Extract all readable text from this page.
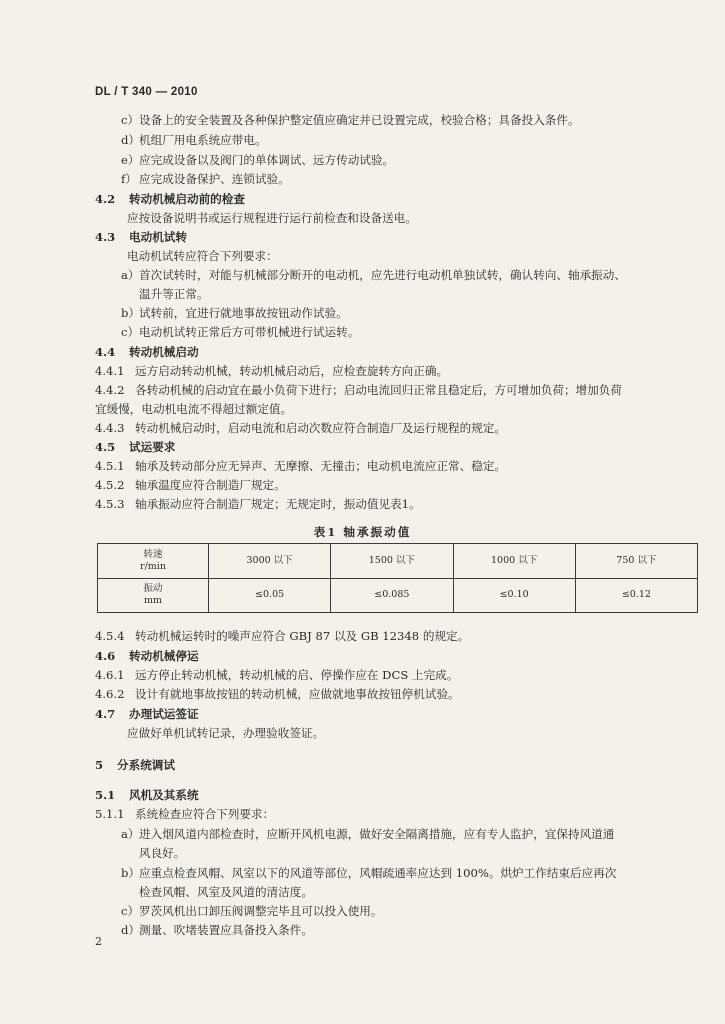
DL / T 340 — 2010
c）设备上的安全装置及各种保护整定值应确定并已设置完成，校验合格；具备投入条件。
d）机组厂用电系统应带电。
e）应完成设备以及阀门的单体调试、远方传动试验。
f） 应完成设备保护、连锁试验。
4.2 转动机械启动前的检查
应按设备说明书或运行规程进行运行前检查和设备送电。
4.3 电动机试转
电动机试转应符合下列要求：
a）首次试转时，对能与机械部分断开的电动机，应先进行电动机单独试转，确认转向、轴承振动、
温升等正常。
b）试转前，宜进行就地事故按钮动作试验。
c）电动机试转正常后方可带机械进行试运转。
4.4 转动机械启动
4.4.1 远方启动转动机械，转动机械启动后，应检查旋转方向正确。
4.4.2 各转动机械的启动宜在最小负荷下进行；启动电流回归正常且稳定后，方可增加负荷；增加负荷
宜缓慢，电动机电流不得超过额定值。
4.4.3 转动机械启动时，启动电流和启动次数应符合制造厂及运行规程的规定。
4.5 试运要求
4.5.1 轴承及转动部分应无异声、无摩擦、无撞击；电动机电流应正常、稳定。
4.5.2 轴承温度应符合制造厂规定。
4.5.3 轴承振动应符合制造厂规定；无规定时，振动值见表1。
表1 轴承振动值
转速
r/min	3000 以下	1500 以下	1000 以下	750 以下

振动
mm	≤0.05	≤0.085	≤0.10	≤0.12
4.5.4 转动机械运转时的噪声应符合 GBJ 87 以及 GB 12348 的规定。
4.6 转动机械停运
4.6.1 远方停止转动机械，转动机械的启、停操作应在 DCS 上完成。
4.6.2 设计有就地事故按钮的转动机械，应做就地事故按钮停机试验。
4.7 办理试运签证
应做好单机试转记录，办理验收签证。
5 分系统调试
5.1 风机及其系统
5.1.1 系统检查应符合下列要求：
a）进入烟风道内部检查时，应断开风机电源，做好安全隔离措施，应有专人监护，宜保持风道通
风良好。
b）应重点检查风帽、风室以下的风道等部位，风帽疏通率应达到 100%。烘炉工作结束后应再次
检查风帽、风室及风道的清洁度。
c）罗茨风机出口卸压阀调整完毕且可以投入使用。
d）测量、吹堵装置应具备投入条件。
2
